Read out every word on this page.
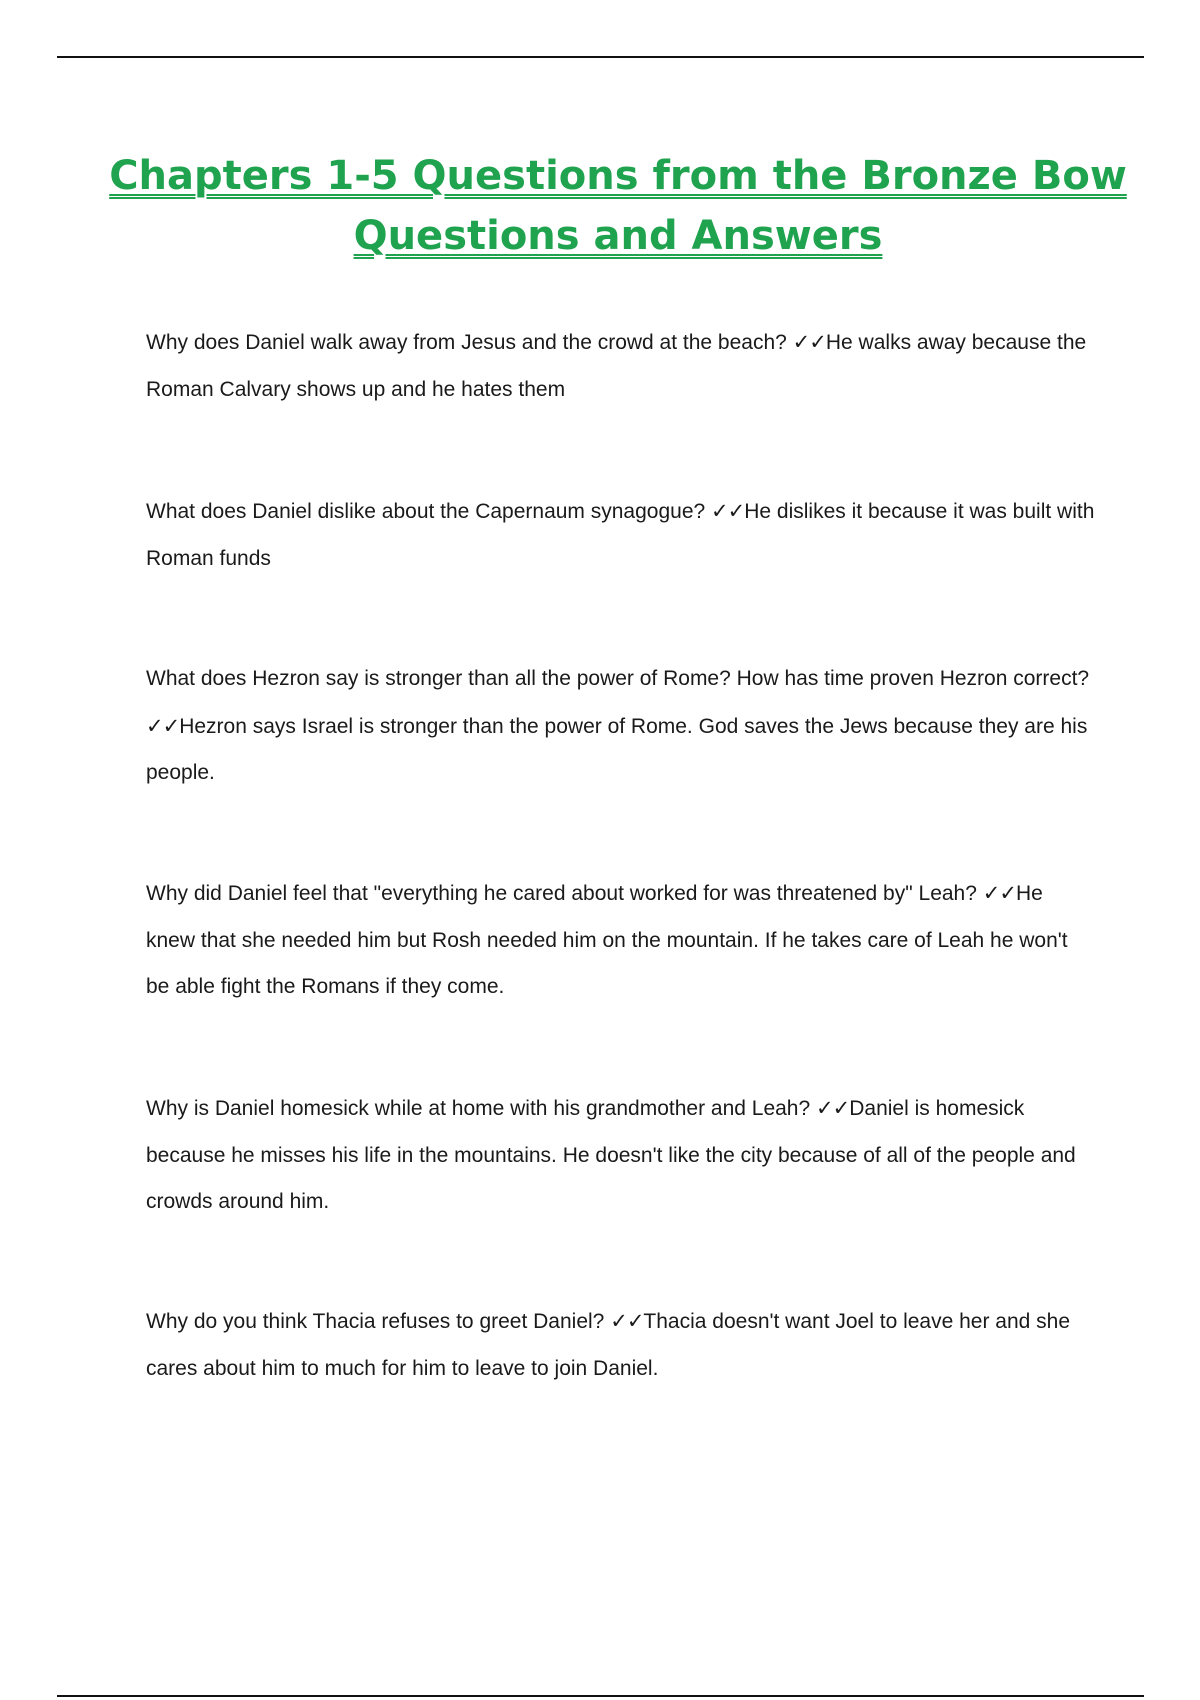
Chapters 1-5 Questions from the Bronze Bow
Questions and Answers

Why does Daniel walk away from Jesus and the crowd at the beach? ✓✓He walks away because the Roman Calvary shows up and he hates them

What does Daniel dislike about the Capernaum synagogue? ✓✓He dislikes it because it was built with Roman funds

What does Hezron say is stronger than all the power of Rome? How has time proven Hezron correct? ✓✓Hezron says Israel is stronger than the power of Rome. God saves the Jews because they are his people.

Why did Daniel feel that "everything he cared about worked for was threatened by" Leah? ✓✓He knew that she needed him but Rosh needed him on the mountain. If he takes care of Leah he won't be able fight the Romans if they come.

Why is Daniel homesick while at home with his grandmother and Leah? ✓✓Daniel is homesick because he misses his life in the mountains. He doesn't like the city because of all of the people and crowds around him.

Why do you think Thacia refuses to greet Daniel? ✓✓Thacia doesn't want Joel to leave her and she cares about him to much for him to leave to join Daniel.
